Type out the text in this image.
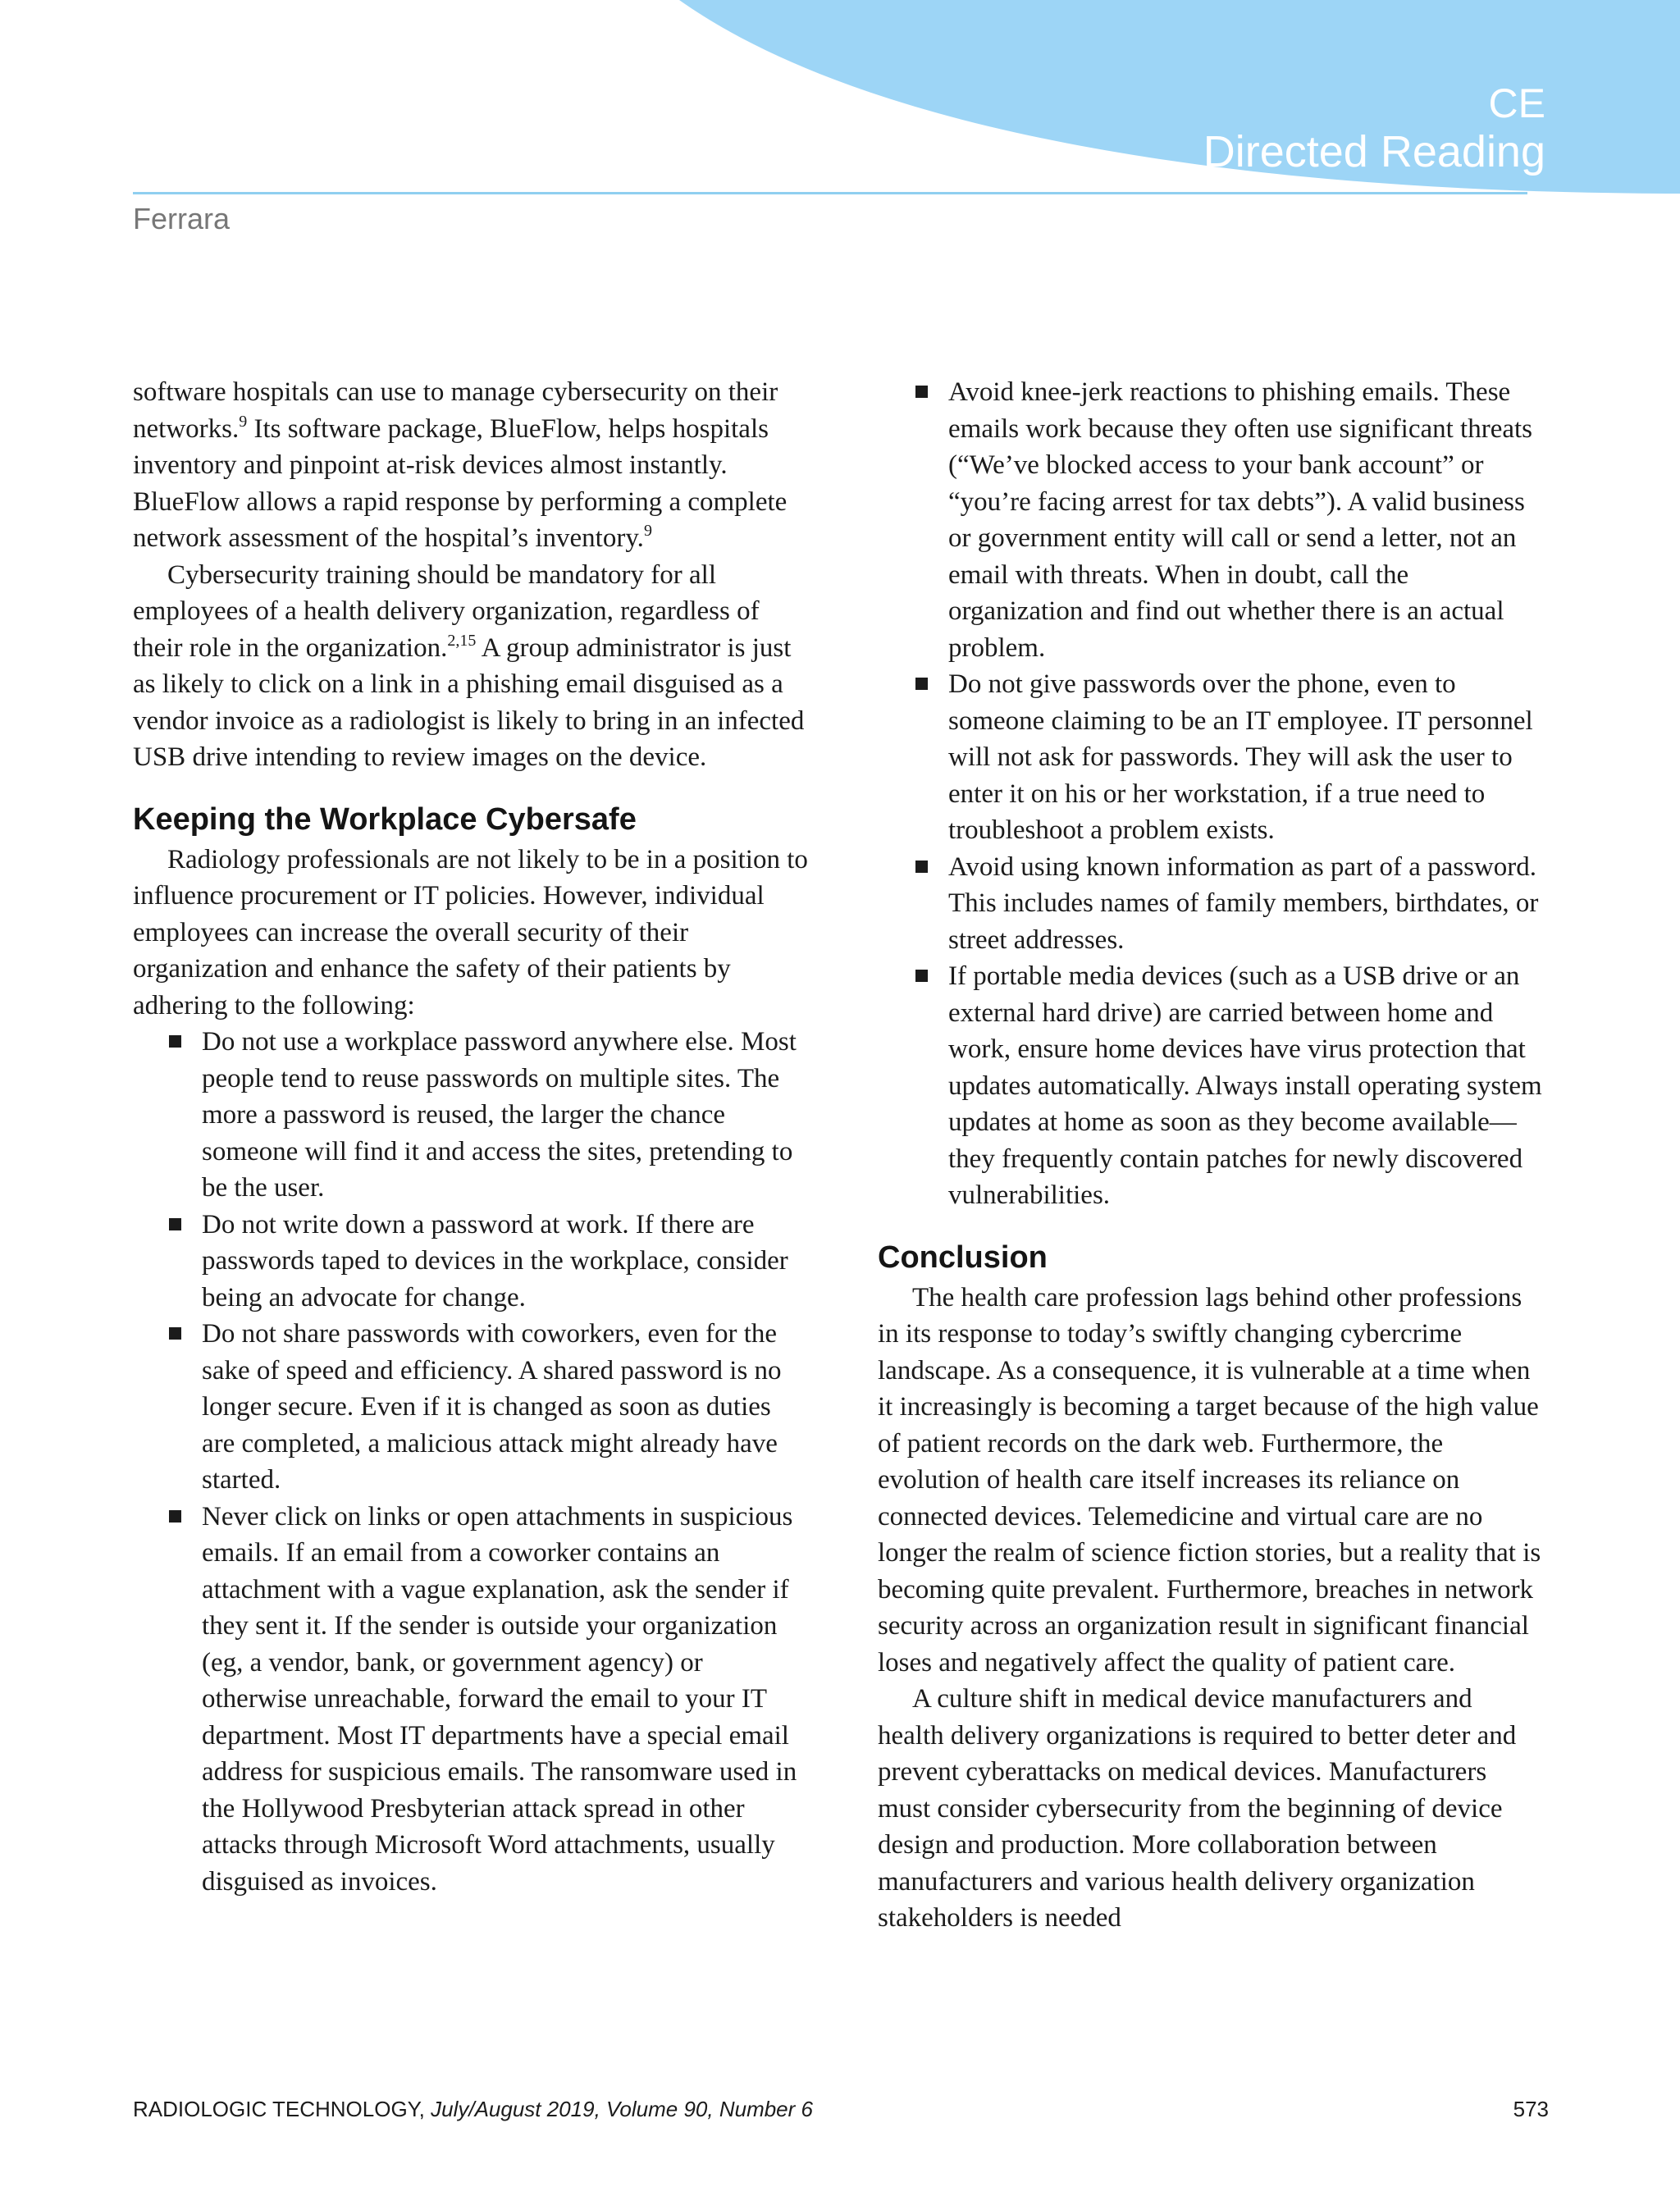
CE
Directed Reading
Ferrara

software hospitals can use to manage cybersecurity on their networks.$^9$ Its software package, BlueFlow, helps hospitals inventory and pinpoint at-risk devices almost instantly. BlueFlow allows a rapid response by performing a complete network assessment of the hospital’s inventory.$^9$

Cybersecurity training should be mandatory for all employees of a health delivery organization, regardless of their role in the organization.$^{2,15}$ A group administrator is just as likely to click on a link in a phishing email disguised as a vendor invoice as a radiologist is likely to bring in an infected USB drive intending to review images on the device.

Keeping the Workplace Cybersafe

Radiology professionals are not likely to be in a position to influence procurement or IT policies. However, individual employees can increase the overall security of their organization and enhance the safety of their patients by adhering to the following:

Do not use a workplace password anywhere else. Most people tend to reuse passwords on multiple sites. The more a password is reused, the larger the chance someone will find it and access the sites, pretending to be the user.
Do not write down a password at work. If there are passwords taped to devices in the workplace, consider being an advocate for change.
Do not share passwords with coworkers, even for the sake of speed and efficiency. A shared password is no longer secure. Even if it is changed as soon as duties are completed, a malicious attack might already have started.
Never click on links or open attachments in suspicious emails. If an email from a coworker contains an attachment with a vague explanation, ask the sender if they sent it. If the sender is outside your organization (eg, a vendor, bank, or government agency) or otherwise unreachable, forward the email to your IT department. Most IT departments have a special email address for suspicious emails. The ransomware used in the Hollywood Presbyterian attack spread in other attacks through Microsoft Word attachments, usually disguised as invoices.
Avoid knee-jerk reactions to phishing emails. These emails work because they often use significant threats (“We’ve blocked access to your bank account” or “you’re facing arrest for tax debts”). A valid business or government entity will call or send a letter, not an email with threats. When in doubt, call the organization and find out whether there is an actual problem.
Do not give passwords over the phone, even to someone claiming to be an IT employee. IT personnel will not ask for passwords. They will ask the user to enter it on his or her workstation, if a true need to troubleshoot a problem exists.
Avoid using known information as part of a password. This includes names of family members, birthdates, or street addresses.
If portable media devices (such as a USB drive or an external hard drive) are carried between home and work, ensure home devices have virus protection that updates automatically. Always install operating system updates at home as soon as they become available—they frequently contain patches for newly discovered vulnerabilities.
Conclusion

The health care profession lags behind other professions in its response to today’s swiftly changing cybercrime landscape. As a consequence, it is vulnerable at a time when it increasingly is becoming a target because of the high value of patient records on the dark web. Furthermore, the evolution of health care itself increases its reliance on connected devices. Telemedicine and virtual care are no longer the realm of science fiction stories, but a reality that is becoming quite prevalent. Furthermore, breaches in network security across an organization result in significant financial loses and negatively affect the quality of patient care.

A culture shift in medical device manufacturers and health delivery organizations is required to better deter and prevent cyberattacks on medical devices. Manufacturers must consider cybersecurity from the beginning of device design and production. More collaboration between manufacturers and various health delivery organization stakeholders is needed

RADIOLOGIC TECHNOLOGY, July/August 2019, Volume 90, Number 6	573
